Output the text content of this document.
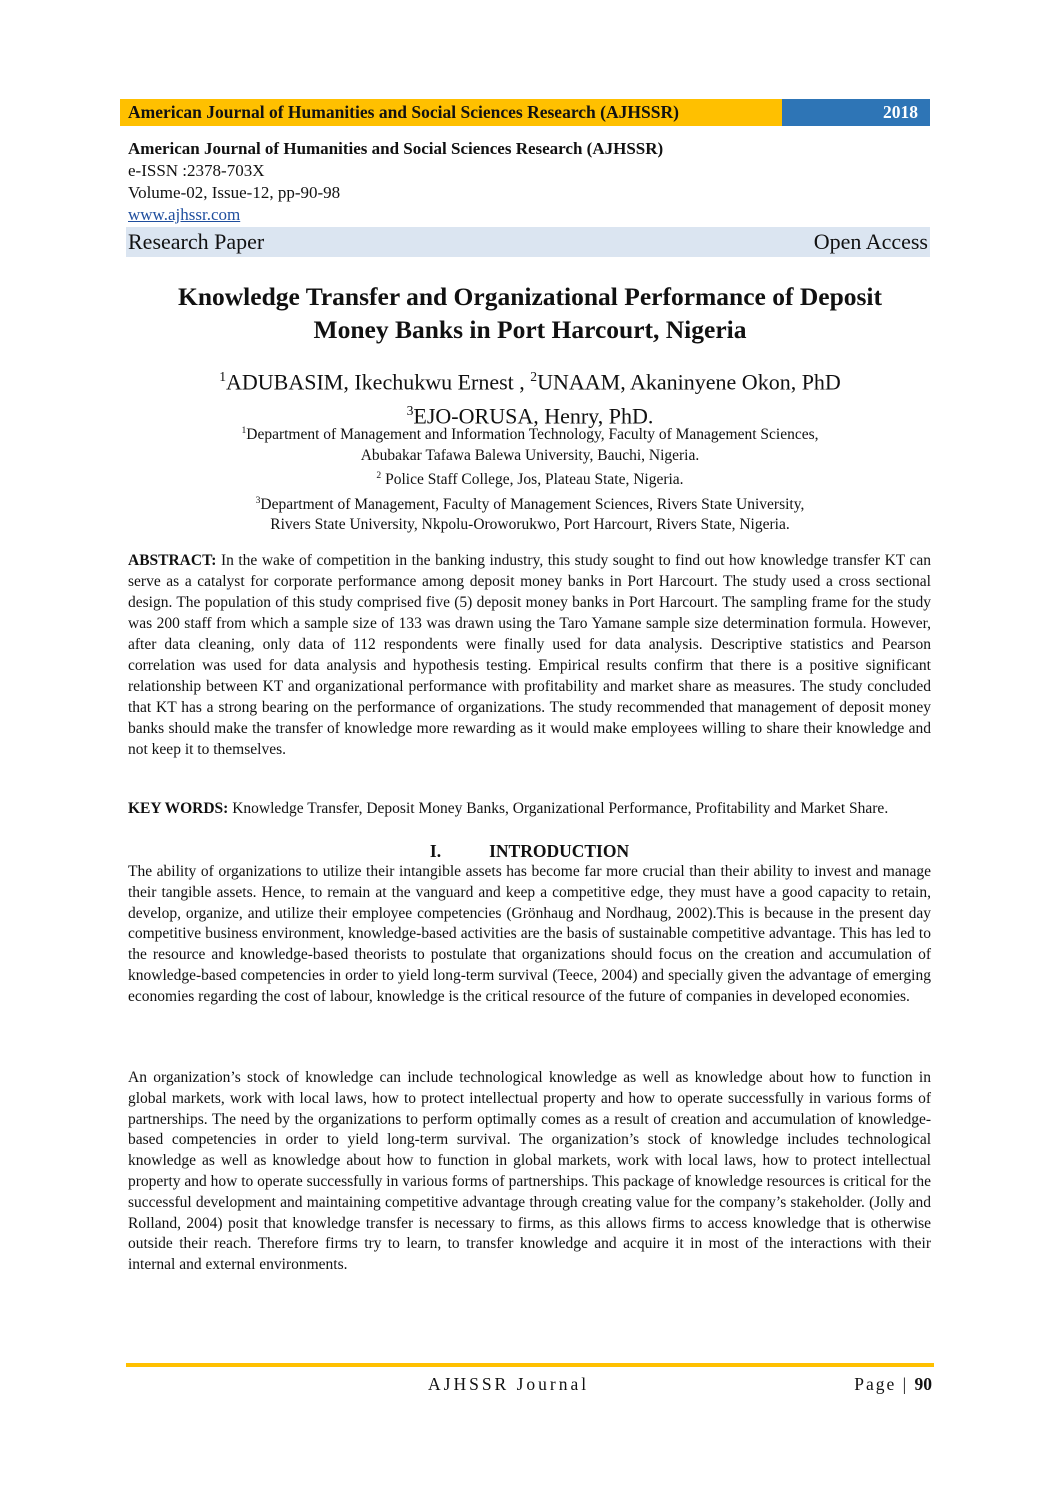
American Journal of Humanities and Social Sciences Research (AJHSSR)	2018
American Journal of Humanities and Social Sciences Research (AJHSSR)
e-ISSN :2378-703X
Volume-02, Issue-12, pp-90-98
www.ajhssr.com
Research Paper	Open Access
Knowledge Transfer and Organizational Performance of Deposit
Money Banks in Port Harcourt, Nigeria
$^1$ADUBASIM, Ikechukwu Ernest , $^2$UNAAM, Akaninyene Okon, PhD
$^3$EJO-ORUSA, Henry, PhD.
$^1$Department of Management and Information Technology, Faculty of Management Sciences,
Abubakar Tafawa Balewa University, Bauchi, Nigeria.
$^2$ Police Staff College, Jos, Plateau State, Nigeria.
$^3$Department of Management, Faculty of Management Sciences, Rivers State University,
Rivers State University, Nkpolu-Oroworukwo, Port Harcourt, Rivers State, Nigeria.
ABSTRACT: In the wake of competition in the banking industry, this study sought to find out how knowledge transfer KT can serve as a catalyst for corporate performance among deposit money banks in Port Harcourt. The study used a cross sectional design. The population of this study comprised five (5) deposit money banks in Port Harcourt. The sampling frame for the study was 200 staff from which a sample size of 133 was drawn using the Taro Yamane sample size determination formula. However, after data cleaning, only data of 112 respondents were finally used for data analysis. Descriptive statistics and Pearson correlation was used for data analysis and hypothesis testing. Empirical results confirm that there is a positive significant relationship between KT and organizational performance with profitability and market share as measures. The study concluded that KT has a strong bearing on the performance of organizations. The study recommended that management of deposit money banks should make the transfer of knowledge more rewarding as it would make employees willing to share their knowledge and not keep it to themselves.
KEY WORDS: Knowledge Transfer, Deposit Money Banks, Organizational Performance, Profitability and Market Share.
I.	INTRODUCTION
The ability of organizations to utilize their intangible assets has become far more crucial than their ability to invest and manage their tangible assets. Hence, to remain at the vanguard and keep a competitive edge, they must have a good capacity to retain, develop, organize, and utilize their employee competencies (Grönhaug and Nordhaug, 2002).This is because in the present day competitive business environment, knowledge-based activities are the basis of sustainable competitive advantage. This has led to the resource and knowledge-based theorists to postulate that organizations should focus on the creation and accumulation of knowledge-based competencies in order to yield long-term survival (Teece, 2004) and specially given the advantage of emerging economies regarding the cost of labour, knowledge is the critical resource of the future of companies in developed economies.
An organization’s stock of knowledge can include technological knowledge as well as knowledge about how to function in global markets, work with local laws, how to protect intellectual property and how to operate successfully in various forms of partnerships. The need by the organizations to perform optimally comes as a result of creation and accumulation of knowledge-based competencies in order to yield long-term survival. The organization’s stock of knowledge includes technological knowledge as well as knowledge about how to function in global markets, work with local laws, how to protect intellectual property and how to operate successfully in various forms of partnerships. This package of knowledge resources is critical for the successful development and maintaining competitive advantage through creating value for the company’s stakeholder. (Jolly and Rolland, 2004) posit that knowledge transfer is necessary to firms, as this allows firms to access knowledge that is otherwise outside their reach. Therefore firms try to learn, to transfer knowledge and acquire it in most of the interactions with their internal and external environments.
AJHSSR Journal	Page | 90
